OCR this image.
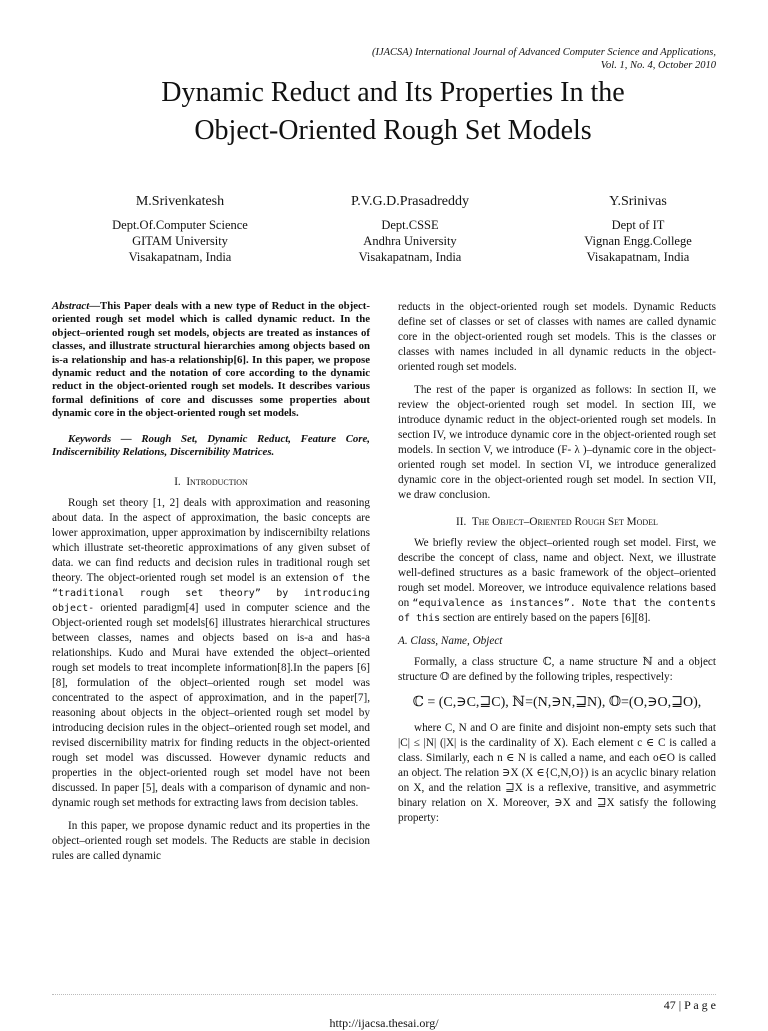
(IJACSA) International Journal of Advanced Computer Science and Applications,
Vol. 1, No. 4, October 2010
Dynamic Reduct and Its Properties In the
Object-Oriented Rough Set Models
M.Srivenkatesh
Dept.Of.Computer Science
GITAM University
Visakapatnam, India
P.V.G.D.Prasadreddy
Dept.CSSE
Andhra University
Visakapatnam, India
Y.Srinivas
Dept of IT
Vignan Engg.College
Visakapatnam, India

Abstract—This Paper deals with a new type of Reduct in the object-oriented rough set model which is called dynamic reduct. In the object–oriented rough set models, objects are treated as instances of classes, and illustrate structural hierarchies among objects based on is-a relationship and has-a relationship[6]. In this paper, we propose dynamic reduct and the notation of core according to the dynamic reduct in the object-oriented rough set models. It describes various formal definitions of core and discusses some properties about dynamic core in the object-oriented rough set models.

Keywords — Rough Set, Dynamic Reduct, Feature Core, Indiscernibility Relations, Discernibility Matrices.

I. Introduction

Rough set theory [1, 2] deals with approximation and reasoning about data. In the aspect of approximation, the basic concepts are lower approximation, upper approximation by indiscernibilty relations which illustrate set-theoretic approximations of any given subset of data. we can find reducts and decision rules in traditional rough set theory. The object-oriented rough set model is an extension of the “traditional rough set theory” by introducing object- oriented paradigm[4] used in computer science and the Object-oriented rough set models[6] illustrates hierarchical structures between classes, names and objects based on is-a and has-a relationships. Kudo and Murai have extended the object–oriented rough set models to treat incomplete information[8].In the papers [6][8], formulation of the object–oriented rough set model was concentrated to the aspect of approximation, and in the paper[7], reasoning about objects in the object–oriented rough set model by introducing decision rules in the object–oriented rough set model, and revised discernibility matrix for finding reducts in the object-oriented rough set model was discussed. However dynamic reducts and properties in the object-oriented rough set model have not been discussed. In paper [5], deals with a comparison of dynamic and non-dynamic rough set methods for extracting laws from decision tables.

In this paper, we propose dynamic reduct and its properties in the object–oriented rough set models. The Reducts are stable in decision rules are called dynamic

reducts in the object-oriented rough set models. Dynamic Reducts define set of classes or set of classes with names are called dynamic core in the object-oriented rough set models. This is the classes or classes with names included in all dynamic reducts in the object-oriented rough set models.

The rest of the paper is organized as follows: In section II, we review the object-oriented rough set model. In section III, we introduce dynamic reduct in the object-oriented rough set models. In section IV, we introduce dynamic core in the object-oriented rough set models. In section V, we introduce (F- λ )–dynamic core in the object-oriented rough set model. In section VI, we introduce generalized dynamic core in the object-oriented rough set model. In section VII, we draw conclusion.

II. The Object–Oriented Rough Set Model

We briefly review the object–oriented rough set model. First, we describe the concept of class, name and object. Next, we illustrate well-defined structures as a basic framework of the object–oriented rough set model. Moreover, we introduce equivalence relations based on “equivalence as instances”. Note that the contents of this section are entirely based on the papers [6][8].

A. Class, Name, Object

Formally, a class structure ℂ, a name structure ℕ and a object structure 𝕆 are defined by the following triples, respectively:

ℂ = (C,∋C,⊒C), ℕ=(N,∋N,⊒N), 𝕆=(O,∋O,⊒O),

where C, N and O are finite and disjoint non-empty sets such that |C| ≤ |N| (|X| is the cardinality of X). Each element c ∈ C is called a class. Similarly, each n ∈ N is called a name, and each o∈O is called an object. The relation ∋X (X ∈{C,N,O}) is an acyclic binary relation on X, and the relation ⊒X is a reflexive, transitive, and asymmetric binary relation on X. Moreover, ∋X and ⊒X satisfy the following property:

47 | P a g e
http://ijacsa.thesai.org/
